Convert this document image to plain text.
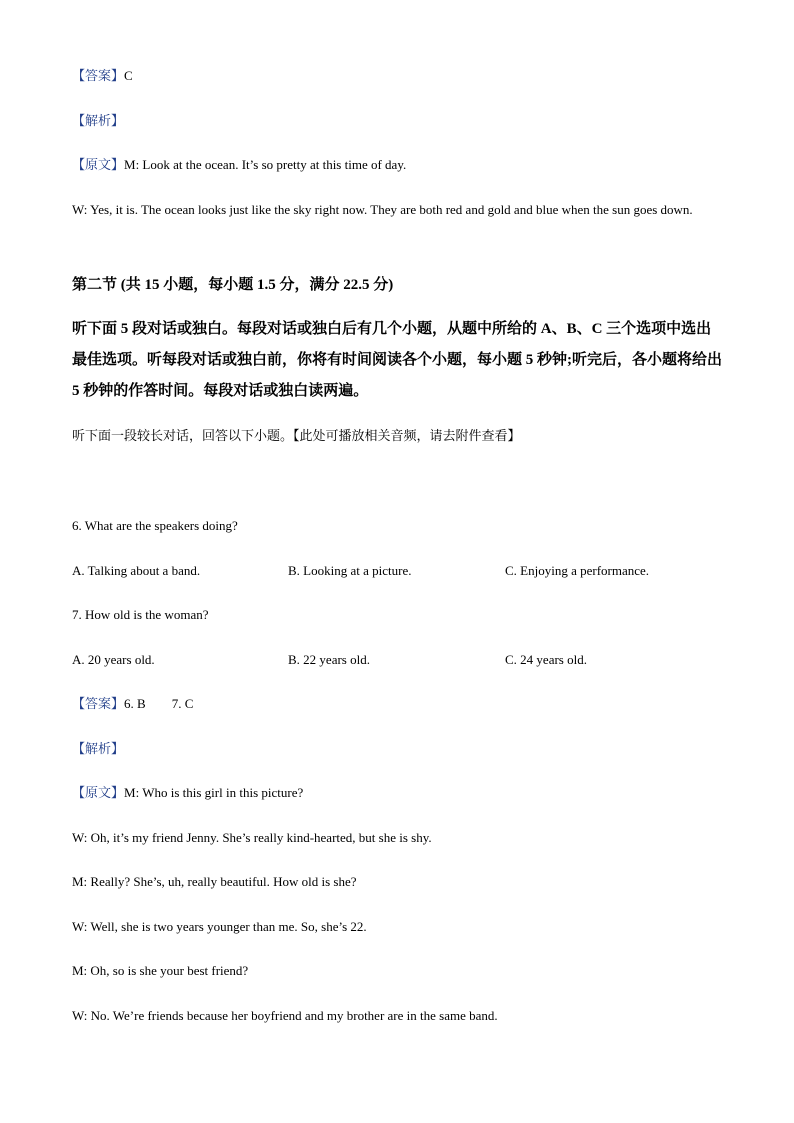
【答案】C

【解析】

【原文】M: Look at the ocean. It’s so pretty at this time of day.

W: Yes, it is. The ocean looks just like the sky right now. They are both red and gold and blue when the sun goes down.

第二节 (共 15 小题，每小题 1.5 分，满分 22.5 分)

听下面 5 段对话或独白。每段对话或独白后有几个小题，从题中所给的 A、B、C 三个选项中选出最佳选项。听每段对话或独白前，你将有时间阅读各个小题，每小题 5 秒钟;听完后，各小题将给出 5 秒钟的作答时间。每段对话或独白读两遍。

听下面一段较长对话，回答以下小题。【此处可播放相关音频，请去附件查看】

6. What are the speakers doing?

A. Talking about a band.	B. Looking at a picture.	C. Enjoying a performance.

7. How old is the woman?

A. 20 years old.	B. 22 years old.	C. 24 years old.

【答案】6. B 7. C

【解析】

【原文】M: Who is this girl in this picture?

W: Oh, it’s my friend Jenny. She’s really kind-hearted, but she is shy.

M: Really? She’s, uh, really beautiful. How old is she?

W: Well, she is two years younger than me. So, she’s 22.

M: Oh, so is she your best friend?

W: No. We’re friends because her boyfriend and my brother are in the same band.
